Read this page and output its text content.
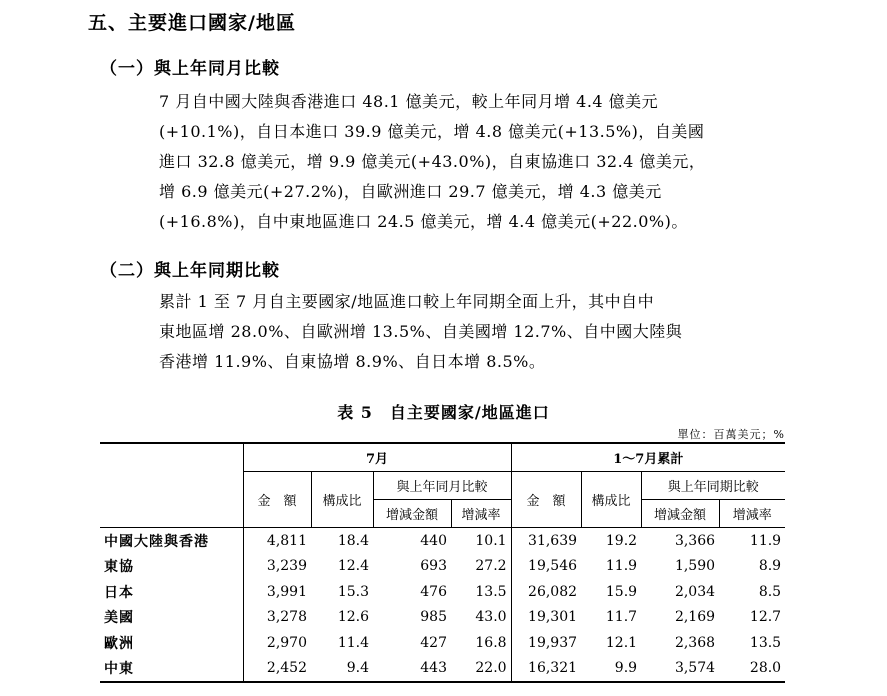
五、主要進口國家/地區
（一）與上年同月比較

7 月自中國大陸與香港進口 48.1 億美元，較上年同月增 4.4 億美元

(+10.1%)，自日本進口 39.9 億美元，增 4.8 億美元(+13.5%)，自美國

進口 32.8 億美元，增 9.9 億美元(+43.0%)，自東協進口 32.4 億美元，

增 6.9 億美元(+27.2%)，自歐洲進口 29.7 億美元，增 4.3 億美元

(+16.8%)，自中東地區進口 24.5 億美元，增 4.4 億美元(+22.0%)。

（二）與上年同期比較

累計 1 至 7 月自主要國家/地區進口較上年同期全面上升，其中自中

東地區增 28.0%、自歐洲增 13.5%、自美國增 12.7%、自中國大陸與

香港增 11.9%、自東協增 8.9%、自日本增 8.5%。

表 5　自主要國家/地區進口
單位：百萬美元；%
	7月				1～7月累計			
	金　額	構成比	與上年同月比較		金　額	構成比	與上年同期比較	
			增減金額	增減率			增減金額	增減率
中國大陸與香港	4,811	18.4	440	10.1	31,639	19.2	3,366	11.9
東協	3,239	12.4	693	27.2	19,546	11.9	1,590	8.9
日本	3,991	15.3	476	13.5	26,082	15.9	2,034	8.5
美國	3,278	12.6	985	43.0	19,301	11.7	2,169	12.7
歐洲	2,970	11.4	427	16.8	19,937	12.1	2,368	13.5
中東	2,452	9.4	443	22.0	16,321	9.9	3,574	28.0
